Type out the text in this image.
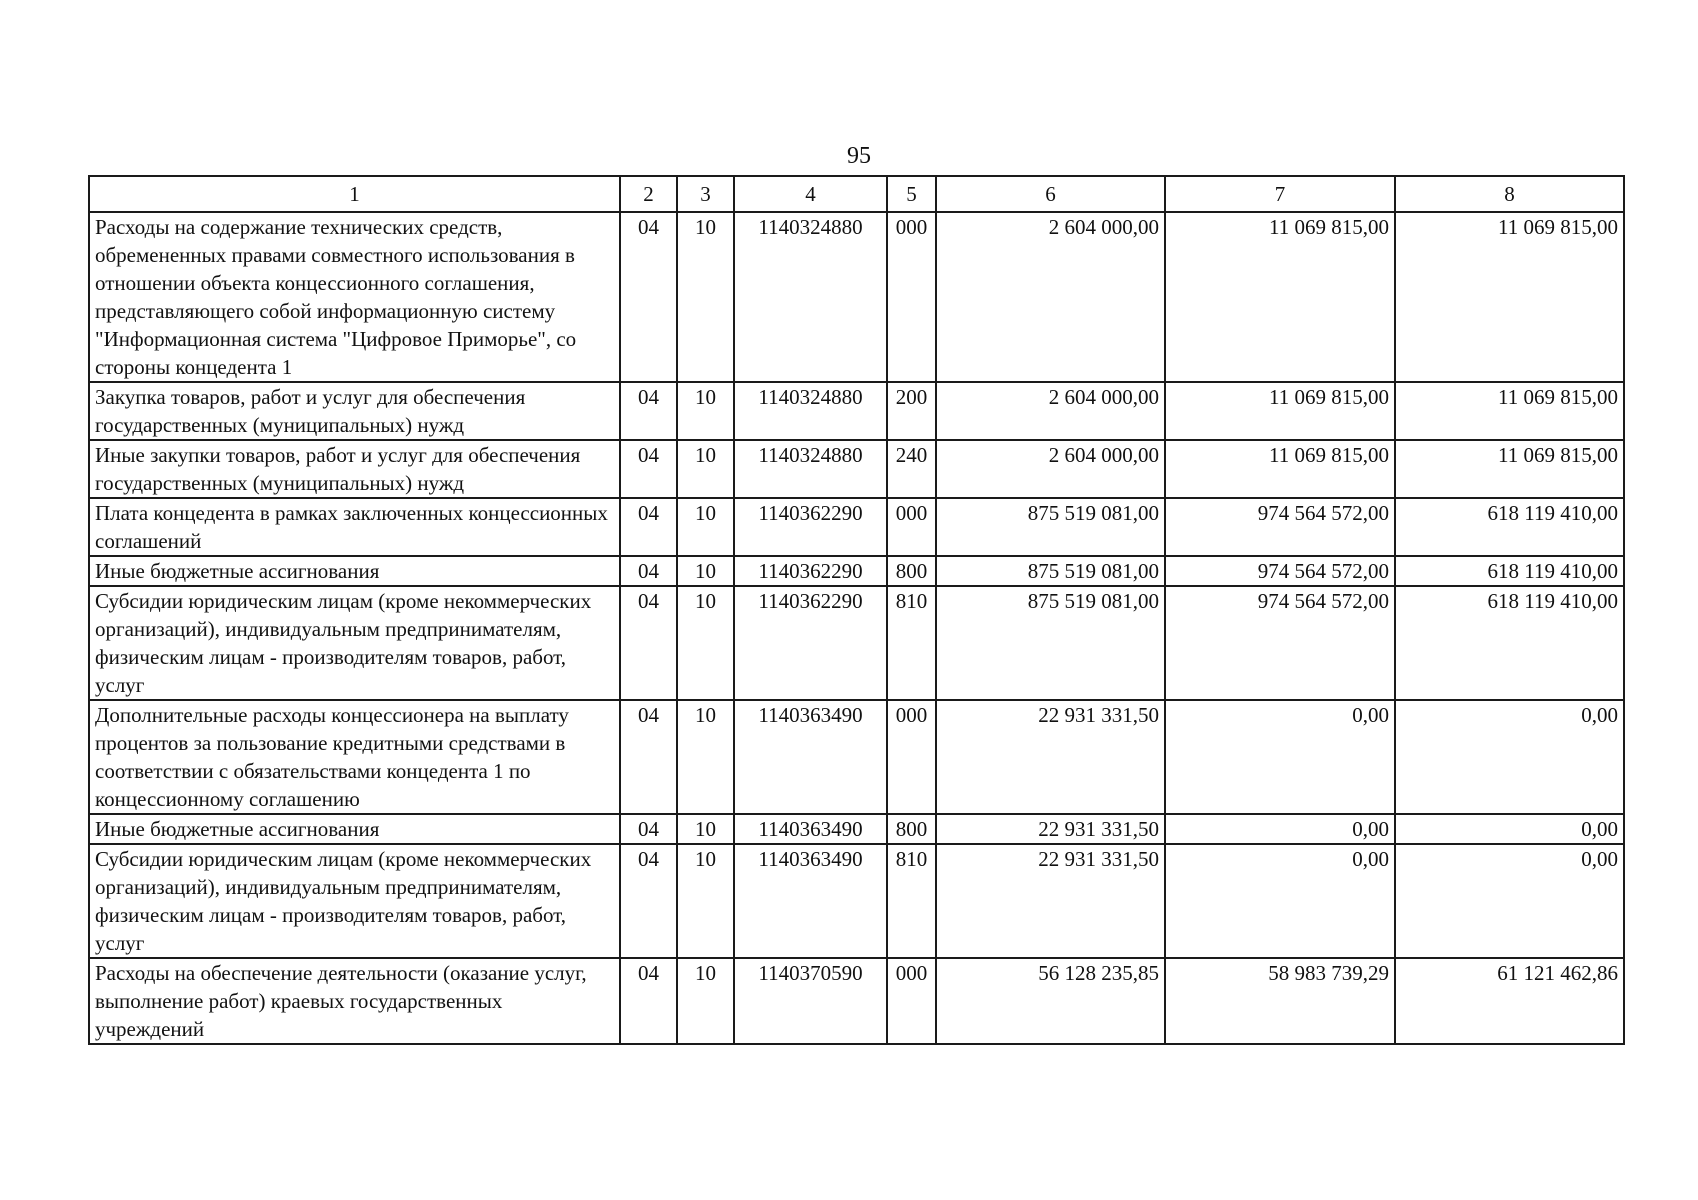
95
1	2	3	4	5	6	7	8
Расходы на содержание технических средств, обремененных правами совместного использования в отношении объекта концессионного соглашения, представляющего собой информационную систему "Информационная система "Цифровое Приморье", со стороны концедента 1	04	10	1140324880	000	2 604 000,00	11 069 815,00	11 069 815,00
Закупка товаров, работ и услуг для обеспечения государственных (муниципальных) нужд	04	10	1140324880	200	2 604 000,00	11 069 815,00	11 069 815,00
Иные закупки товаров, работ и услуг для обеспечения государственных (муниципальных) нужд	04	10	1140324880	240	2 604 000,00	11 069 815,00	11 069 815,00
Плата концедента в рамках заключенных концессионных соглашений	04	10	1140362290	000	875 519 081,00	974 564 572,00	618 119 410,00
Иные бюджетные ассигнования	04	10	1140362290	800	875 519 081,00	974 564 572,00	618 119 410,00
Субсидии юридическим лицам (кроме некоммерческих организаций), индивидуальным предпринимателям, физическим лицам - производителям товаров, работ, услуг	04	10	1140362290	810	875 519 081,00	974 564 572,00	618 119 410,00
Дополнительные расходы концессионера на выплату процентов за пользование кредитными средствами в соответствии с обязательствами концедента 1 по концессионному соглашению	04	10	1140363490	000	22 931 331,50	0,00	0,00
Иные бюджетные ассигнования	04	10	1140363490	800	22 931 331,50	0,00	0,00
Субсидии юридическим лицам (кроме некоммерческих организаций), индивидуальным предпринимателям, физическим лицам - производителям товаров, работ, услуг	04	10	1140363490	810	22 931 331,50	0,00	0,00
Расходы на обеспечение деятельности (оказание услуг, выполнение работ) краевых государственных учреждений	04	10	1140370590	000	56 128 235,85	58 983 739,29	61 121 462,86
